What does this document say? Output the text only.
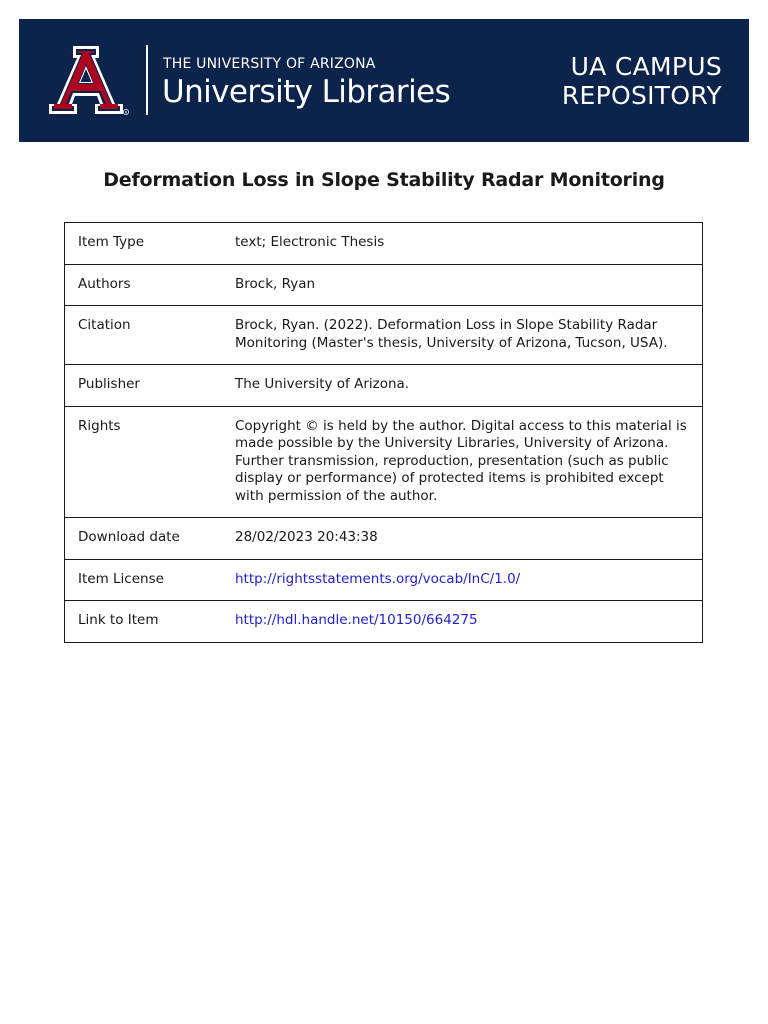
R
THE UNIVERSITY OF ARIZONA
University Libraries
UA CAMPUS
REPOSITORY
Deformation Loss in Slope Stability Radar Monitoring
Item Type	text; Electronic Thesis
Authors	Brock, Ryan
Citation	Brock, Ryan. (2022). Deformation Loss in Slope Stability Radar Monitoring (Master's thesis, University of Arizona, Tucson, USA).
Publisher	The University of Arizona.
Rights	Copyright © is held by the author. Digital access to this material is made possible by the University Libraries, University of Arizona. Further transmission, reproduction, presentation (such as public display or performance) of protected items is prohibited except with permission of the author.
Download date	28/02/2023 20:43:38
Item License	http://rightsstatements.org/vocab/InC/1.0/
Link to Item	http://hdl.handle.net/10150/664275
